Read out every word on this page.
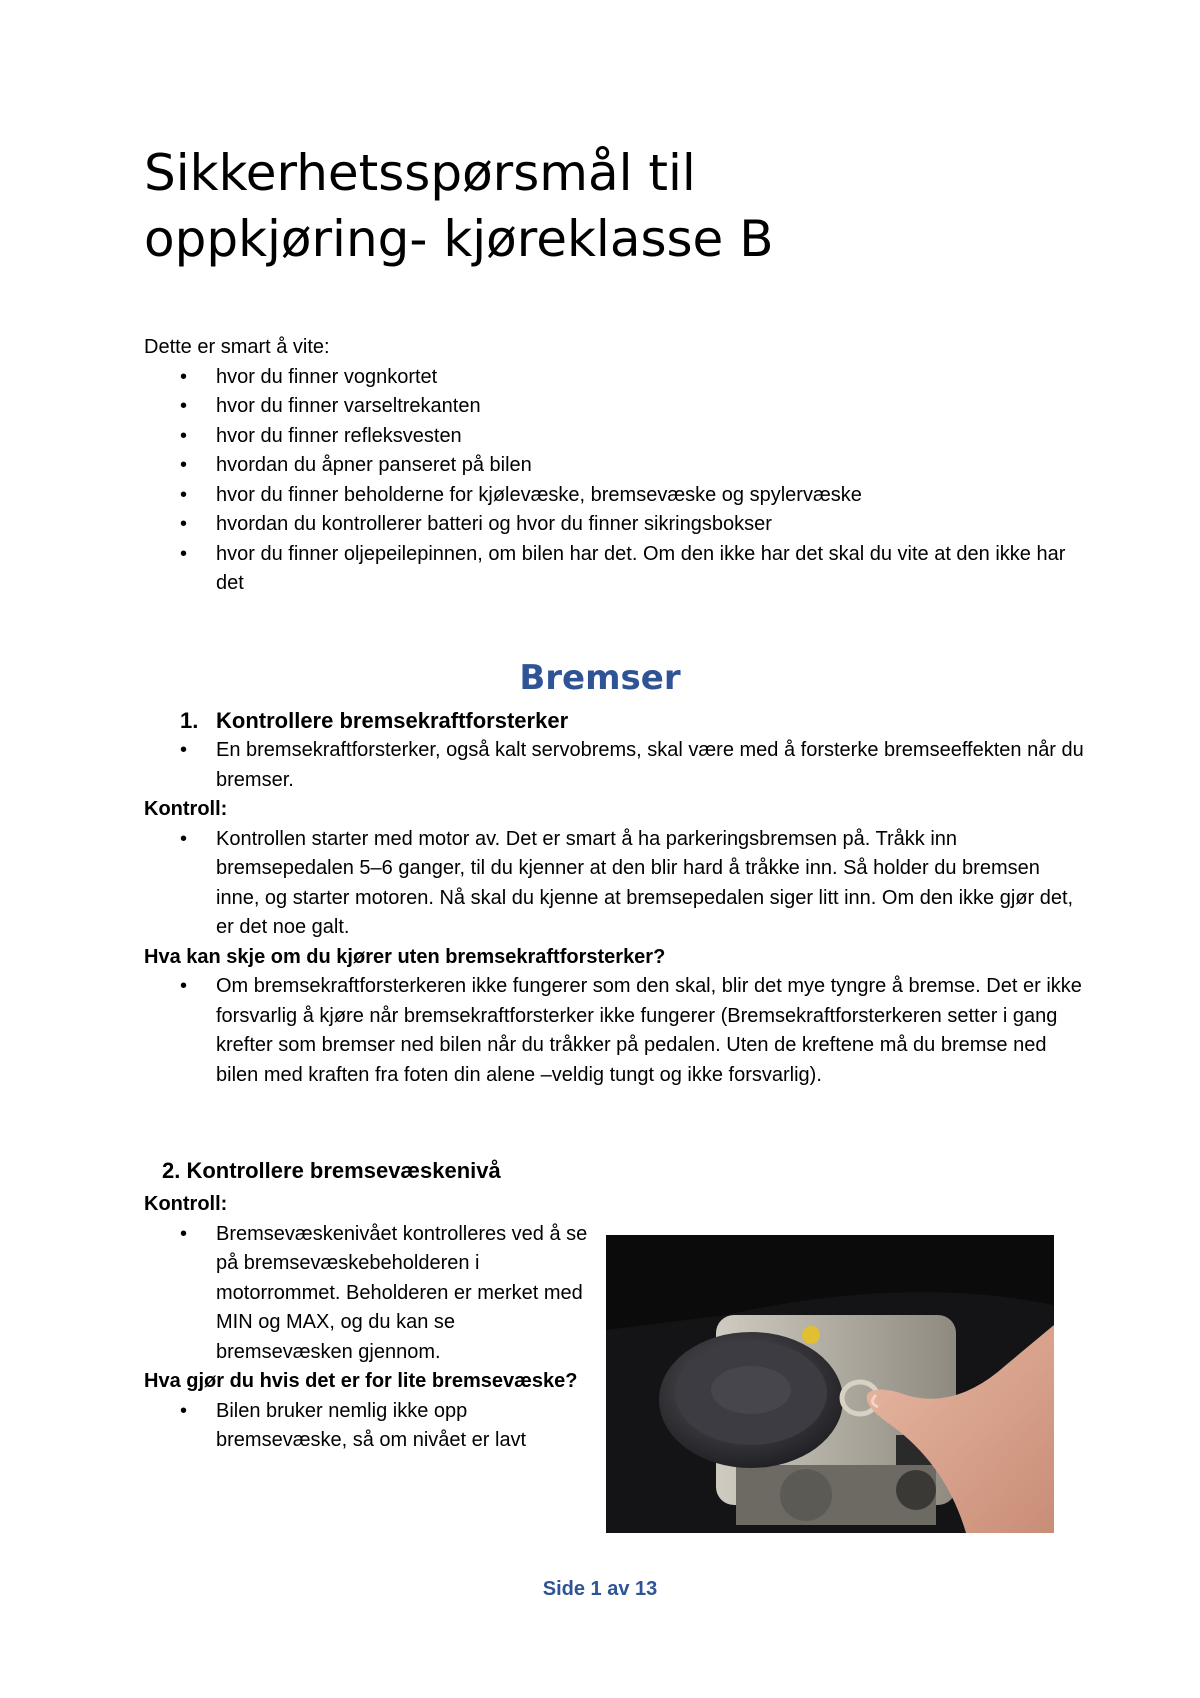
Sikkerhetsspørsmål til
oppkjøring- kjøreklasse B
Dette er smart å vite:
• hvor du finner vognkortet
• hvor du finner varseltrekanten
• hvor du finner refleksvesten
• hvordan du åpner panseret på bilen
• hvor du finner beholderne for kjølevæske, bremsevæske og spylervæske
• hvordan du kontrollerer batteri og hvor du finner sikringsbokser
• hvor du finner oljepeilepinnen, om bilen har det. Om den ikke har det skal du vite at den ikke har det
Bremser
1. Kontrollere bremsekraftforsterker
• En bremsekraftforsterker, også kalt servobrems, skal være med å forsterke bremseeffekten når du bremser.
Kontroll:
• Kontrollen starter med motor av. Det er smart å ha parkeringsbremsen på. Tråkk inn bremsepedalen 5–6 ganger, til du kjenner at den blir hard å tråkke inn. Så holder du bremsen inne, og starter motoren. Nå skal du kjenne at bremsepedalen siger litt inn. Om den ikke gjør det, er det noe galt.
Hva kan skje om du kjører uten bremsekraftforsterker?
• Om bremsekraftforsterkeren ikke fungerer som den skal, blir det mye tyngre å bremse. Det er ikke forsvarlig å kjøre når bremsekraftforsterker ikke fungerer (Bremsekraftforsterkeren setter i gang krefter som bremser ned bilen når du tråkker på pedalen. Uten de kreftene må du bremse ned bilen med kraften fra foten din alene –veldig tungt og ikke forsvarlig).
2. Kontrollere bremsevæskenivå
Kontroll:
• Bremsevæskenivået kontrolleres ved å se på bremsevæskebeholderen i motorrommet. Beholderen er merket med MIN og MAX, og du kan se bremsevæsken gjennom.
Hva gjør du hvis det er for lite bremsevæske?
• Bilen bruker nemlig ikke opp bremsevæske, så om nivået er lavt
Side 1 av 13
